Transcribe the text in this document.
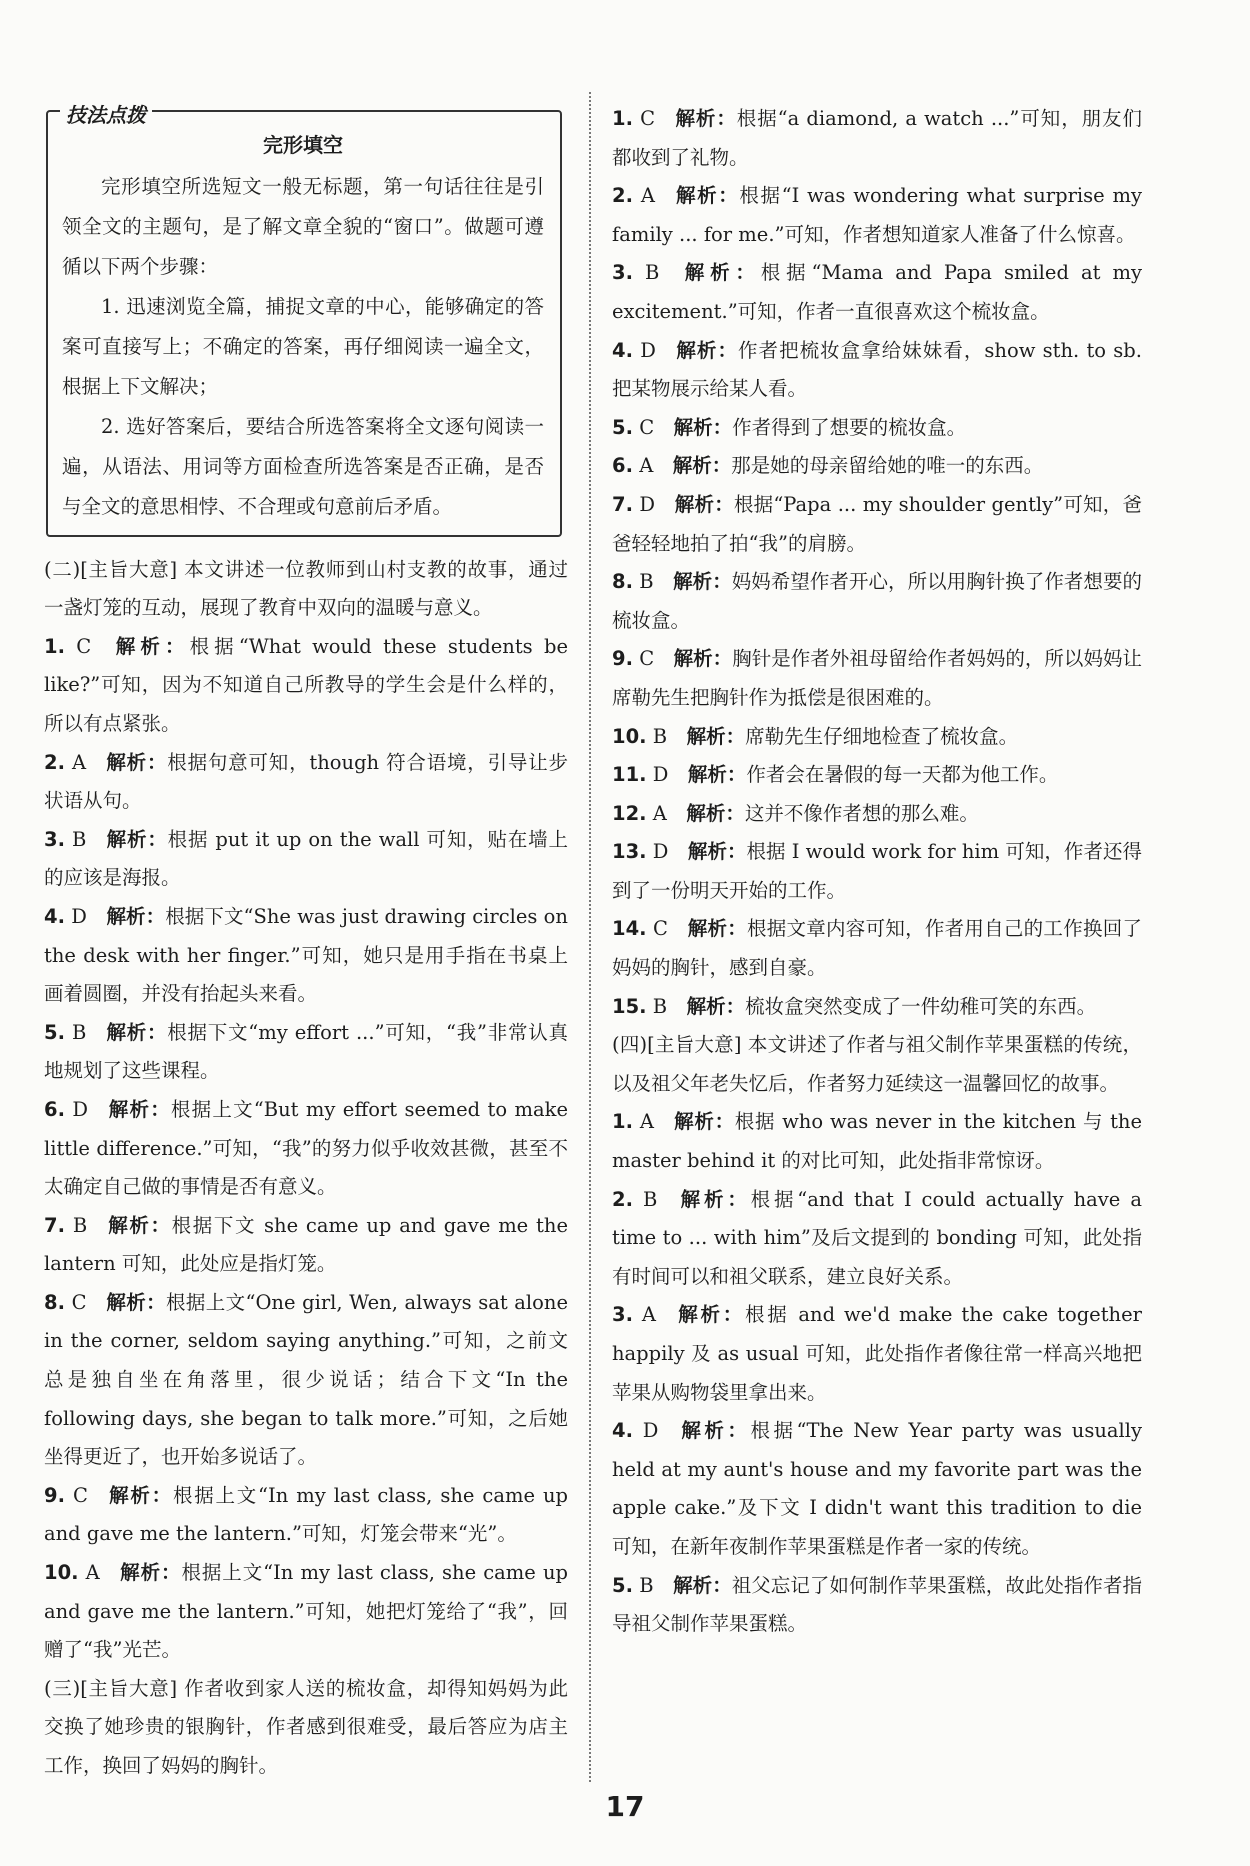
技法点拨
完形填空

完形填空所选短文一般无标题，第一句话往往是引领全文的主题句，是了解文章全貌的“窗口”。做题可遵循以下两个步骤：

1. 迅速浏览全篇，捕捉文章的中心，能够确定的答案可直接写上；不确定的答案，再仔细阅读一遍全文，根据上下文解决；

2. 选好答案后，要结合所选答案将全文逐句阅读一遍，从语法、用词等方面检查所选答案是否正确，是否与全文的意思相悖、不合理或句意前后矛盾。

(二)[主旨大意] 本文讲述一位教师到山村支教的故事，通过一盏灯笼的互动，展现了教育中双向的温暖与意义。

1. C  解析：根据“What would these students be like?”可知，因为不知道自己所教导的学生会是什么样的，所以有点紧张。

2. A  解析：根据句意可知，though 符合语境，引导让步状语从句。

3. B  解析：根据 put it up on the wall 可知，贴在墙上的应该是海报。

4. D  解析：根据下文“She was just drawing circles on the desk with her finger.”可知，她只是用手指在书桌上画着圆圈，并没有抬起头来看。

5. B  解析：根据下文“my effort ...”可知，“我”非常认真地规划了这些课程。

6. D  解析：根据上文“But my effort seemed to make little difference.”可知，“我”的努力似乎收效甚微，甚至不太确定自己做的事情是否有意义。

7. B  解析：根据下文 she came up and gave me the lantern 可知，此处应是指灯笼。

8. C  解析：根据上文“One girl, Wen, always sat alone in the corner, seldom saying anything.”可知，之前文总是独自坐在角落里，很少说话；结合下文“In the following days, she began to talk more.”可知，之后她坐得更近了，也开始多说话了。

9. C  解析：根据上文“In my last class, she came up and gave me the lantern.”可知，灯笼会带来“光”。

10. A  解析：根据上文“In my last class, she came up and gave me the lantern.”可知，她把灯笼给了“我”，回赠了“我”光芒。

(三)[主旨大意] 作者收到家人送的梳妆盒，却得知妈妈为此交换了她珍贵的银胸针，作者感到很难受，最后答应为店主工作，换回了妈妈的胸针。

1. C  解析：根据“a diamond, a watch ...”可知，朋友们都收到了礼物。

2. A  解析：根据“I was wondering what surprise my family ... for me.”可知，作者想知道家人准备了什么惊喜。

3. B  解析：根据“Mama and Papa smiled at my excitement.”可知，作者一直很喜欢这个梳妆盒。

4. D  解析：作者把梳妆盒拿给妹妹看，show sth. to sb. 把某物展示给某人看。

5. C  解析：作者得到了想要的梳妆盒。

6. A  解析：那是她的母亲留给她的唯一的东西。

7. D  解析：根据“Papa ... my shoulder gently”可知，爸爸轻轻地拍了拍“我”的肩膀。

8. B  解析：妈妈希望作者开心，所以用胸针换了作者想要的梳妆盒。

9. C  解析：胸针是作者外祖母留给作者妈妈的，所以妈妈让席勒先生把胸针作为抵偿是很困难的。

10. B  解析：席勒先生仔细地检查了梳妆盒。

11. D  解析：作者会在暑假的每一天都为他工作。

12. A  解析：这并不像作者想的那么难。

13. D  解析：根据 I would work for him 可知，作者还得到了一份明天开始的工作。

14. C  解析：根据文章内容可知，作者用自己的工作换回了妈妈的胸针，感到自豪。

15. B  解析：梳妆盒突然变成了一件幼稚可笑的东西。

(四)[主旨大意] 本文讲述了作者与祖父制作苹果蛋糕的传统，以及祖父年老失忆后，作者努力延续这一温馨回忆的故事。

1. A  解析：根据 who was never in the kitchen 与 the master behind it 的对比可知，此处指非常惊讶。

2. B  解析：根据“and that I could actually have a time to ... with him”及后文提到的 bonding 可知，此处指有时间可以和祖父联系，建立良好关系。

3. A  解析：根据 and we'd make the cake together happily 及 as usual 可知，此处指作者像往常一样高兴地把苹果从购物袋里拿出来。

4. D  解析：根据“The New Year party was usually held at my aunt's house and my favorite part was the apple cake.”及下文 I didn't want this tradition to die 可知，在新年夜制作苹果蛋糕是作者一家的传统。

5. B  解析：祖父忘记了如何制作苹果蛋糕，故此处指作者指导祖父制作苹果蛋糕。

17
